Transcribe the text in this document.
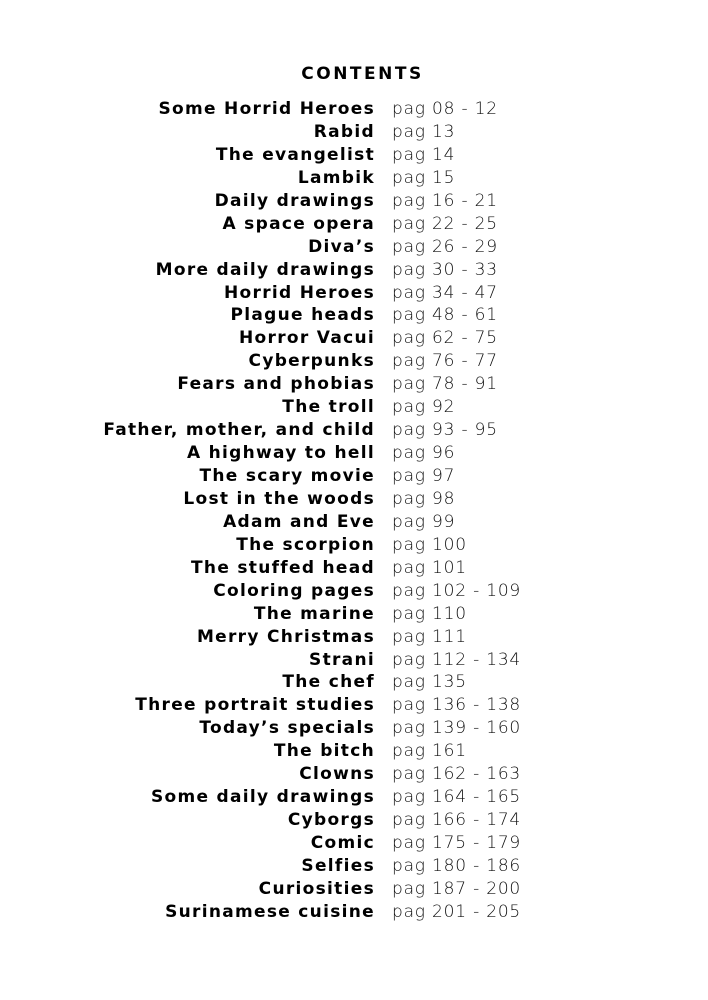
CONTENTS
Some Horrid Heroes pag 08 - 12
Rabid pag 13
The evangelist pag 14
Lambik pag 15
Daily drawings pag 16 - 21
A space opera pag 22 - 25
Diva’s pag 26 - 29
More daily drawings pag 30 - 33
Horrid Heroes pag 34 - 47
Plague heads pag 48 - 61
Horror Vacui pag 62 - 75
Cyberpunks pag 76 - 77
Fears and phobias pag 78 - 91
The troll pag 92
Father, mother, and child pag 93 - 95
A highway to hell pag 96
The scary movie pag 97
Lost in the woods pag 98
Adam and Eve pag 99
The scorpion pag 100
The stuffed head pag 101
Coloring pages pag 102 - 109
The marine pag 110
Merry Christmas pag 111
Strani pag 112 - 134
The chef pag 135
Three portrait studies pag 136 - 138
Today’s specials pag 139 - 160
The bitch pag 161
Clowns pag 162 - 163
Some daily drawings pag 164 - 165
Cyborgs pag 166 - 174
Comic pag 175 - 179
Selfies pag 180 - 186
Curiosities pag 187 - 200
Surinamese cuisine pag 201 - 205
